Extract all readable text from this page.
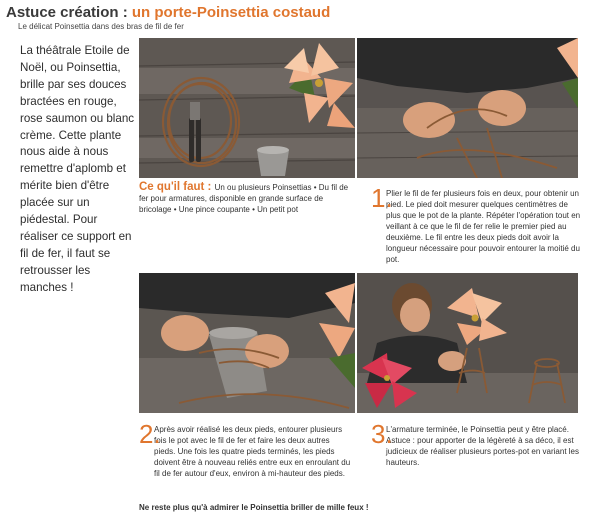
Astuce création : un porte-Poinsettia costaud
Le délicat Poinsettia dans des bras de fil de fer
La théâtrale Etoile de Noël, ou Poinsettia, brille par ses douces bractées en rouge, rose saumon ou blanc crème. Cette plante nous aide à nous remettre d'aplomb et mérite bien d'être placée sur un piédestal. Pour réaliser ce support en fil de fer, il faut se retrousser les manches !
Ce qu'il faut : Un ou plusieurs Poinsettias • Du fil de fer pour armatures, disponible en grande surface de bricolage • Une pince coupante • Un petit pot	1.
Plier le fil de fer plusieurs fois en deux, pour obtenir un pied. Le pied doit mesurer quelques centimètres de plus que le pot de la plante. Répéter l'opération tout en veillant à ce que le fil de fer relie le premier pied au deuxième. Le fil entre les deux pieds doit avoir la longueur nécessaire pour pouvoir entourer la moitié du pot.
2.
Après avoir réalisé les deux pieds, entourer plusieurs fois le pot avec le fil de fer et faire les deux autres pieds. Une fois les quatre pieds terminés, les pieds doivent être à nouveau reliés entre eux en enroulant du fil de fer autour d'eux, environ à mi-hauteur des pieds.
3.
L'armature terminée, le Poinsettia peut y être placé. Astuce : pour apporter de la légèreté à sa déco, il est judicieux de réaliser plusieurs portes-pot en variant les hauteurs.
Ne reste plus qu'à admirer le Poinsettia briller de mille feux !
